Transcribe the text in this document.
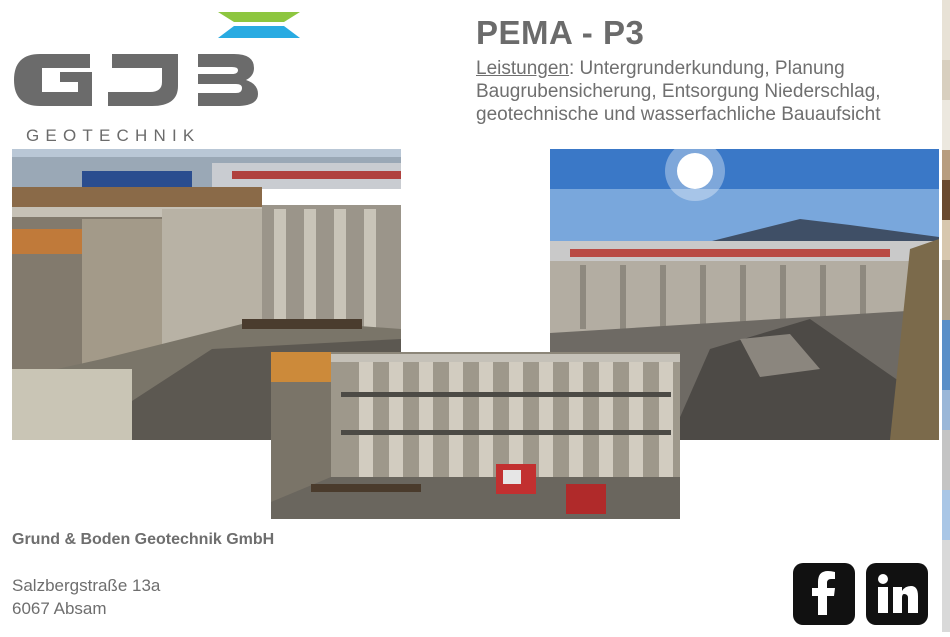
GEOTECHNIK
PEMA - P3
Leistungen: Untergrunderkundung, Planung Baugrubensicherung, Entsorgung Niederschlag, geotechnische und wasserfachliche Bauaufsicht
Grund & Boden Geotechnik GmbH
Salzbergstraße 13a
6067 Absam
